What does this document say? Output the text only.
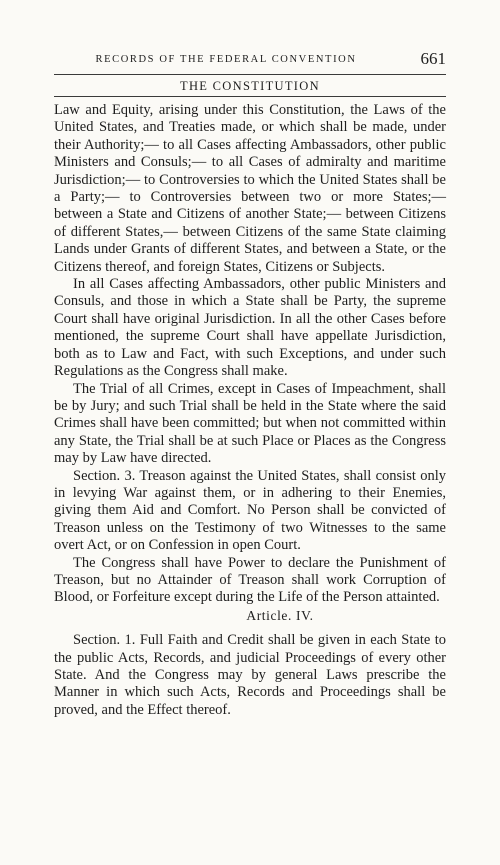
RECORDS OF THE FEDERAL CONVENTION	661
THE CONSTITUTION

Law and Equity, arising under this Constitution, the Laws of the United States, and Treaties made, or which shall be made, under their Authority;— to all Cases affecting Ambassadors, other public Ministers and Consuls;— to all Cases of admiralty and maritime Jurisdiction;— to Controversies to which the United States shall be a Party;— to Controversies between two or more States;— between a State and Citizens of another State;— between Citizens of different States,— between Citizens of the same State claiming Lands under Grants of different States, and between a State, or the Citizens thereof, and foreign States, Citizens or Subjects.

In all Cases affecting Ambassadors, other public Ministers and Consuls, and those in which a State shall be Party, the supreme Court shall have original Jurisdiction. In all the other Cases before mentioned, the supreme Court shall have appellate Jurisdiction, both as to Law and Fact, with such Exceptions, and under such Regulations as the Congress shall make.

The Trial of all Crimes, except in Cases of Impeachment, shall be by Jury; and such Trial shall be held in the State where the said Crimes shall have been committed; but when not committed within any State, the Trial shall be at such Place or Places as the Congress may by Law have directed.

Section. 3. Treason against the United States, shall consist only in levying War against them, or in adhering to their Enemies, giving them Aid and Comfort. No Person shall be convicted of Treason unless on the Testimony of two Witnesses to the same overt Act, or on Confession in open Court.

The Congress shall have Power to declare the Punishment of Treason, but no Attainder of Treason shall work Corruption of Blood, or Forfeiture except during the Life of the Person attainted.

Article. IV.

Section. 1. Full Faith and Credit shall be given in each State to the public Acts, Records, and judicial Proceedings of every other State. And the Congress may by general Laws prescribe the Manner in which such Acts, Records and Proceedings shall be proved, and the Effect thereof.
